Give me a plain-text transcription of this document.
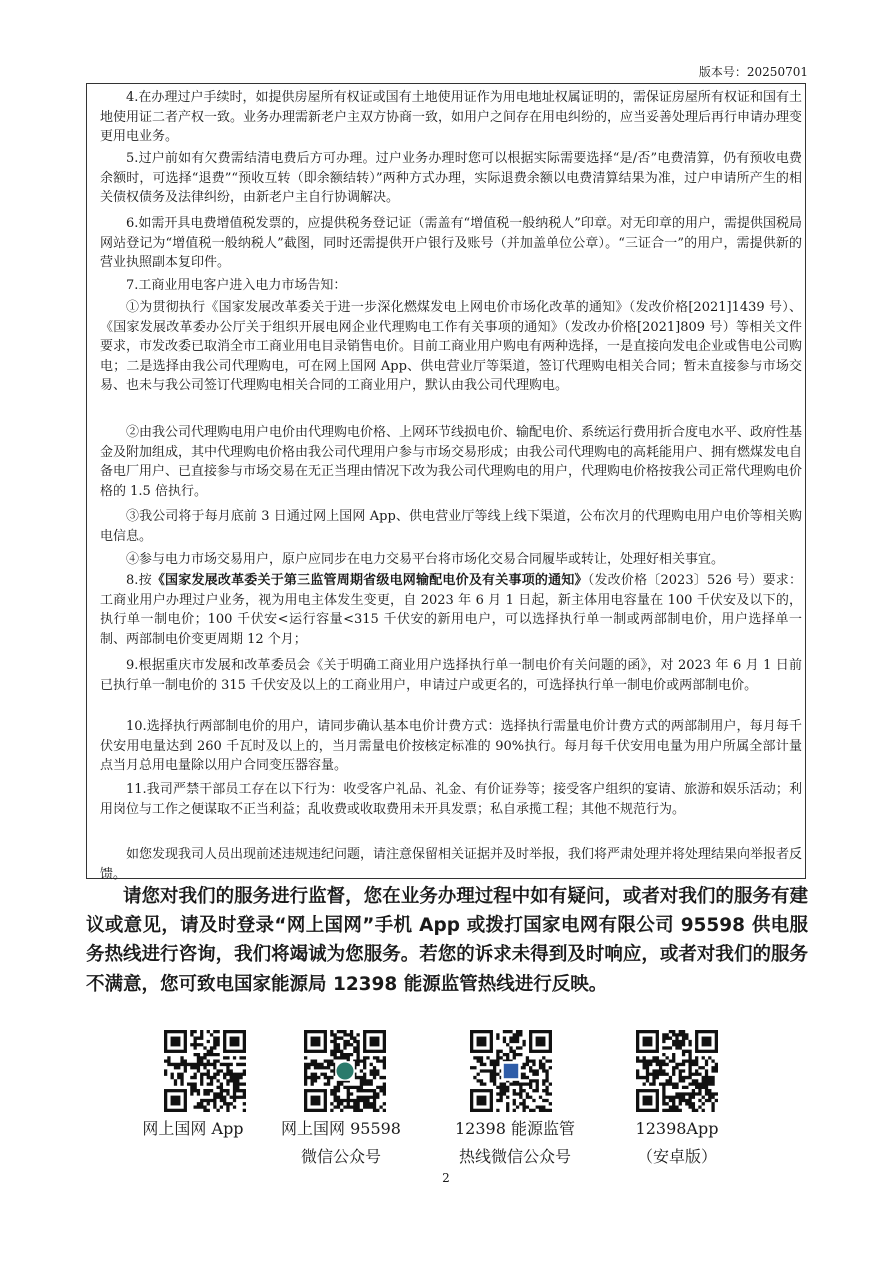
版本号：20250701

4.在办理过户手续时，如提供房屋所有权证或国有土地使用证作为用电地址权属证明的，需保证房屋所有权证和国有土地使用证二者产权一致。业务办理需新老户主双方协商一致，如用户之间存在用电纠纷的，应当妥善处理后再行申请办理变更用电业务。

5.过户前如有欠费需结清电费后方可办理。过户业务办理时您可以根据实际需要选择“是/否”电费清算，仍有预收电费余额时，可选择“退费”“预收互转（即余额结转）”两种方式办理，实际退费余额以电费清算结果为准，过户申请所产生的相关债权债务及法律纠纷，由新老户主自行协调解决。

6.如需开具电费增值税发票的，应提供税务登记证（需盖有“增值税一般纳税人”印章。对无印章的用户，需提供国税局网站登记为“增值税一般纳税人”截图，同时还需提供开户银行及账号（并加盖单位公章）。“三证合一”的用户，需提供新的营业执照副本复印件。

7.工商业用电客户进入电力市场告知：

①为贯彻执行《国家发展改革委关于进一步深化燃煤发电上网电价市场化改革的通知》（发改价格[2021]1439 号）、《国家发展改革委办公厅关于组织开展电网企业代理购电工作有关事项的通知》（发改办价格[2021]809 号）等相关文件要求，市发改委已取消全市工商业用电目录销售电价。目前工商业用户购电有两种选择，一是直接向发电企业或售电公司购电；二是选择由我公司代理购电，可在网上国网 App、供电营业厅等渠道，签订代理购电相关合同；暂未直接参与市场交易、也未与我公司签订代理购电相关合同的工商业用户，默认由我公司代理购电。

②由我公司代理购电用户电价由代理购电价格、上网环节线损电价、输配电价、系统运行费用折合度电水平、政府性基金及附加组成，其中代理购电价格由我公司代理用户参与市场交易形成；由我公司代理购电的高耗能用户、拥有燃煤发电自备电厂用户、已直接参与市场交易在无正当理由情况下改为我公司代理购电的用户，代理购电价格按我公司正常代理购电价格的 1.5 倍执行。

③我公司将于每月底前 3 日通过网上国网 App、供电营业厅等线上线下渠道，公布次月的代理购电用户电价等相关购电信息。

④参与电力市场交易用户，原户应同步在电力交易平台将市场化交易合同履毕或转让，处理好相关事宜。

8.按《国家发展改革委关于第三监管周期省级电网输配电价及有关事项的通知》（发改价格〔2023〕526 号）要求：工商业用户办理过户业务，视为用电主体发生变更，自 2023 年 6 月 1 日起，新主体用电容量在 100 千伏安及以下的，执行单一制电价；100 千伏安<运行容量<315 千伏安的新用电户，可以选择执行单一制或两部制电价，用户选择单一制、两部制电价变更周期 12 个月；

9.根据重庆市发展和改革委员会《关于明确工商业用户选择执行单一制电价有关问题的函》，对 2023 年 6 月 1 日前已执行单一制电价的 315 千伏安及以上的工商业用户，申请过户或更名的，可选择执行单一制电价或两部制电价。

10.选择执行两部制电价的用户，请同步确认基本电价计费方式：选择执行需量电价计费方式的两部制用户，每月每千伏安用电量达到 260 千瓦时及以上的，当月需量电价按核定标准的 90%执行。每月每千伏安用电量为用户所属全部计量点当月总用电量除以用户合同变压器容量。

11.我司严禁干部员工存在以下行为：收受客户礼品、礼金、有价证券等；接受客户组织的宴请、旅游和娱乐活动；利用岗位与工作之便谋取不正当利益；乱收费或收取费用未开具发票；私自承揽工程；其他不规范行为。

如您发现我司人员出现前述违规违纪问题，请注意保留相关证据并及时举报，我们将严肃处理并将处理结果向举报者反馈。

请您对我们的服务进行监督，您在业务办理过程中如有疑问，或者对我们的服务有建议或意见，请及时登录“网上国网”手机 App 或拨打国家电网有限公司 95598 供电服务热线进行咨询，我们将竭诚为您服务。若您的诉求未得到及时响应，或者对我们的服务不满意，您可致电国家能源局 12398 能源监管热线进行反映。

网上国网 App	网上国网 95598
微信公众号
12398 能源监管
热线微信公众号
12398App
（安卓版）
2
